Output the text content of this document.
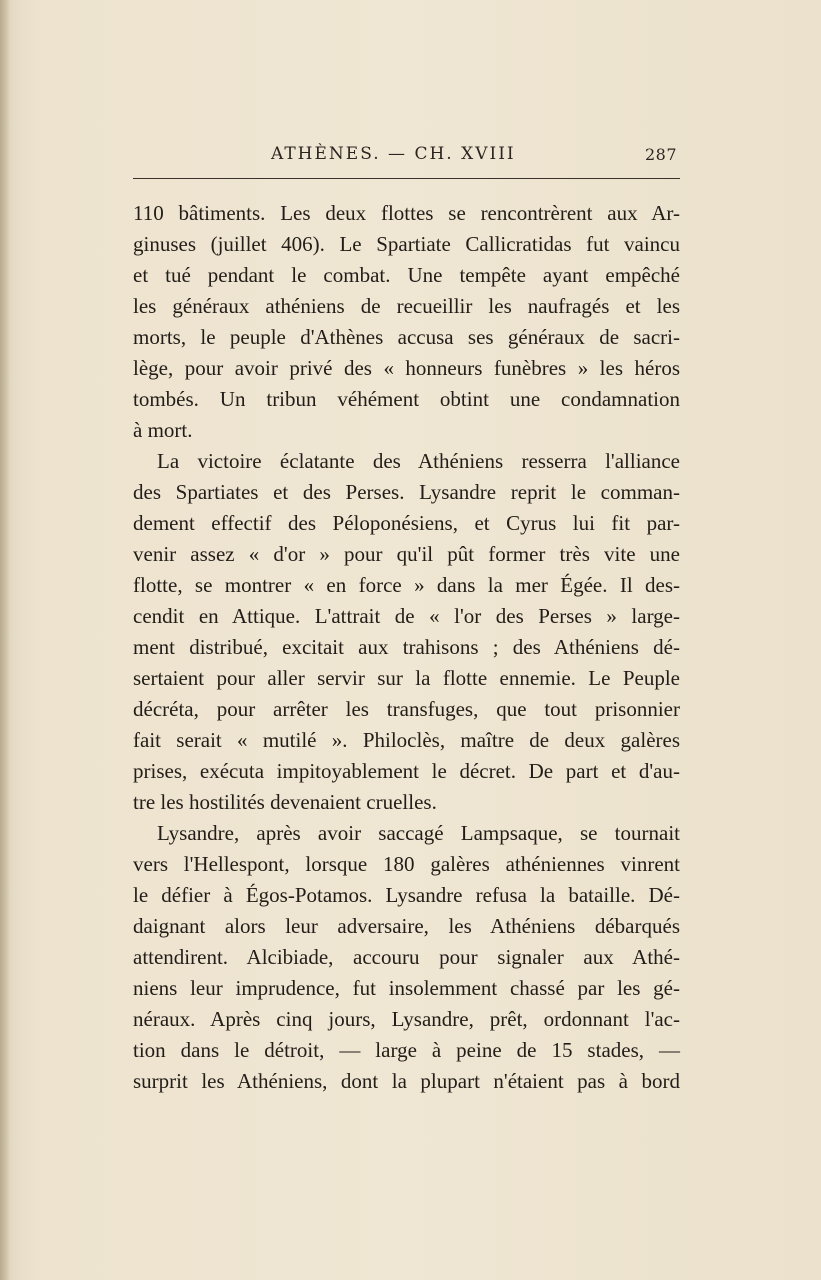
ATHÈNES. — CH. XVIII	287
110 bâtiments. Les deux flottes se rencontrèrent aux Ar-
ginuses (juillet 406). Le Spartiate Callicratidas fut vaincu
et tué pendant le combat. Une tempête ayant empêché
les généraux athéniens de recueillir les naufragés et les
morts, le peuple d'Athènes accusa ses généraux de sacri-
lège, pour avoir privé des « honneurs funèbres » les héros
tombés. Un tribun véhément obtint une condamnation
à mort.
La victoire éclatante des Athéniens resserra l'alliance
des Spartiates et des Perses. Lysandre reprit le comman-
dement effectif des Péloponésiens, et Cyrus lui fit par-
venir assez « d'or » pour qu'il pût former très vite une
flotte, se montrer « en force » dans la mer Égée. Il des-
cendit en Attique. L'attrait de « l'or des Perses » large-
ment distribué, excitait aux trahisons ; des Athéniens dé-
sertaient pour aller servir sur la flotte ennemie. Le Peuple
décréta, pour arrêter les transfuges, que tout prisonnier
fait serait « mutilé ». Philoclès, maître de deux galères
prises, exécuta impitoyablement le décret. De part et d'au-
tre les hostilités devenaient cruelles.
Lysandre, après avoir saccagé Lampsaque, se tournait
vers l'Hellespont, lorsque 180 galères athéniennes vinrent
le défier à Égos-Potamos. Lysandre refusa la bataille. Dé-
daignant alors leur adversaire, les Athéniens débarqués
attendirent. Alcibiade, accouru pour signaler aux Athé-
niens leur imprudence, fut insolemment chassé par les gé-
néraux. Après cinq jours, Lysandre, prêt, ordonnant l'ac-
tion dans le détroit, — large à peine de 15 stades, —
surprit les Athéniens, dont la plupart n'étaient pas à bord
